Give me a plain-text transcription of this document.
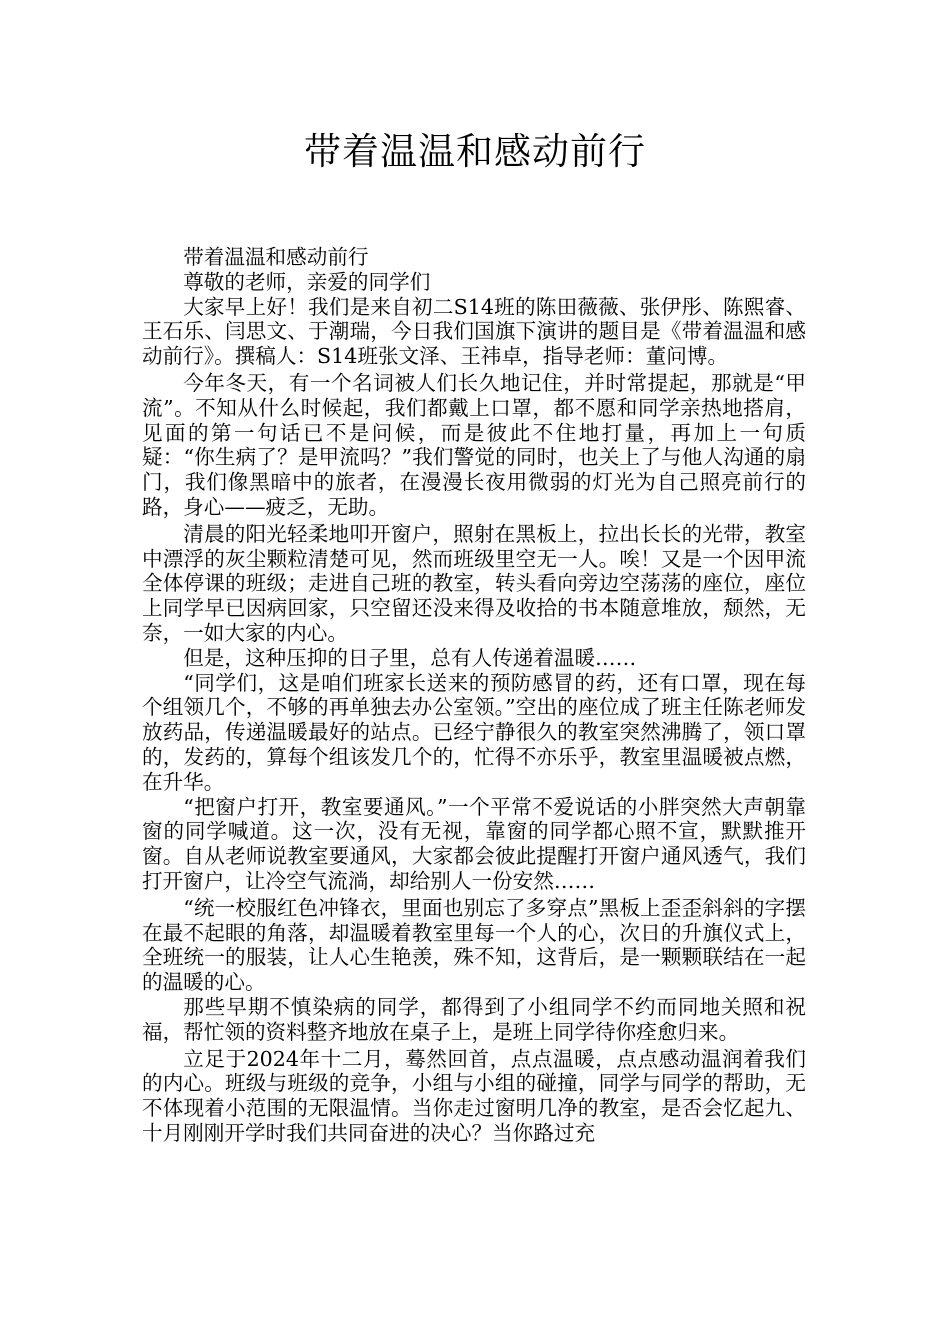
带着温温和感动前行

带着温温和感动前行

尊敬的老师，亲爱的同学们

大家早上好！我们是来自初二S14班的陈田薇薇、张伊彤、陈熙睿、王石乐、闫思文、于潮瑞，今日我们国旗下演讲的题目是《带着温温和感动前行》。撰稿人：S14班张文泽、王祎卓，指导老师：董问博。

今年冬天，有一个名词被人们长久地记住，并时常提起，那就是“甲流”。不知从什么时候起，我们都戴上口罩，都不愿和同学亲热地搭肩，见面的第一句话已不是问候，而是彼此不住地打量，再加上一句质疑：“你生病了？是甲流吗？”我们警觉的同时，也关上了与他人沟通的扇门，我们像黑暗中的旅者，在漫漫长夜用微弱的灯光为自己照亮前行的路，身心——疲乏，无助。

清晨的阳光轻柔地叩开窗户，照射在黑板上，拉出长长的光带，教室中漂浮的灰尘颗粒清楚可见，然而班级里空无一人。唉！又是一个因甲流全体停课的班级；走进自己班的教室，转头看向旁边空荡荡的座位，座位上同学早已因病回家，只空留还没来得及收拾的书本随意堆放，颓然，无奈，一如大家的内心。

但是，这种压抑的日子里，总有人传递着温暖……

“同学们，这是咱们班家长送来的预防感冒的药，还有口罩，现在每个组领几个，不够的再单独去办公室领。”空出的座位成了班主任陈老师发放药品，传递温暖最好的站点。已经宁静很久的教室突然沸腾了，领口罩的，发药的，算每个组该发几个的，忙得不亦乐乎，教室里温暖被点燃，在升华。

“把窗户打开，教室要通风。”一个平常不爱说话的小胖突然大声朝靠窗的同学喊道。这一次，没有无视，靠窗的同学都心照不宣，默默推开窗。自从老师说教室要通风，大家都会彼此提醒打开窗户通风透气，我们打开窗户，让冷空气流淌，却给别人一份安然……

“统一校服红色冲锋衣，里面也别忘了多穿点”黑板上歪歪斜斜的字摆在最不起眼的角落，却温暖着教室里每一个人的心，次日的升旗仪式上，全班统一的服装，让人心生艳羡，殊不知，这背后，是一颗颗联结在一起的温暖的心。

那些早期不慎染病的同学，都得到了小组同学不约而同地关照和祝福，帮忙领的资料整齐地放在桌子上，是班上同学待你痊愈归来。

立足于2024年十二月，蓦然回首，点点温暖，点点感动温润着我们的内心。班级与班级的竞争，小组与小组的碰撞，同学与同学的帮助，无不体现着小范围的无限温情。当你走过窗明几净的教室，是否会忆起九、十月刚刚开学时我们共同奋进的决心？当你路过充
